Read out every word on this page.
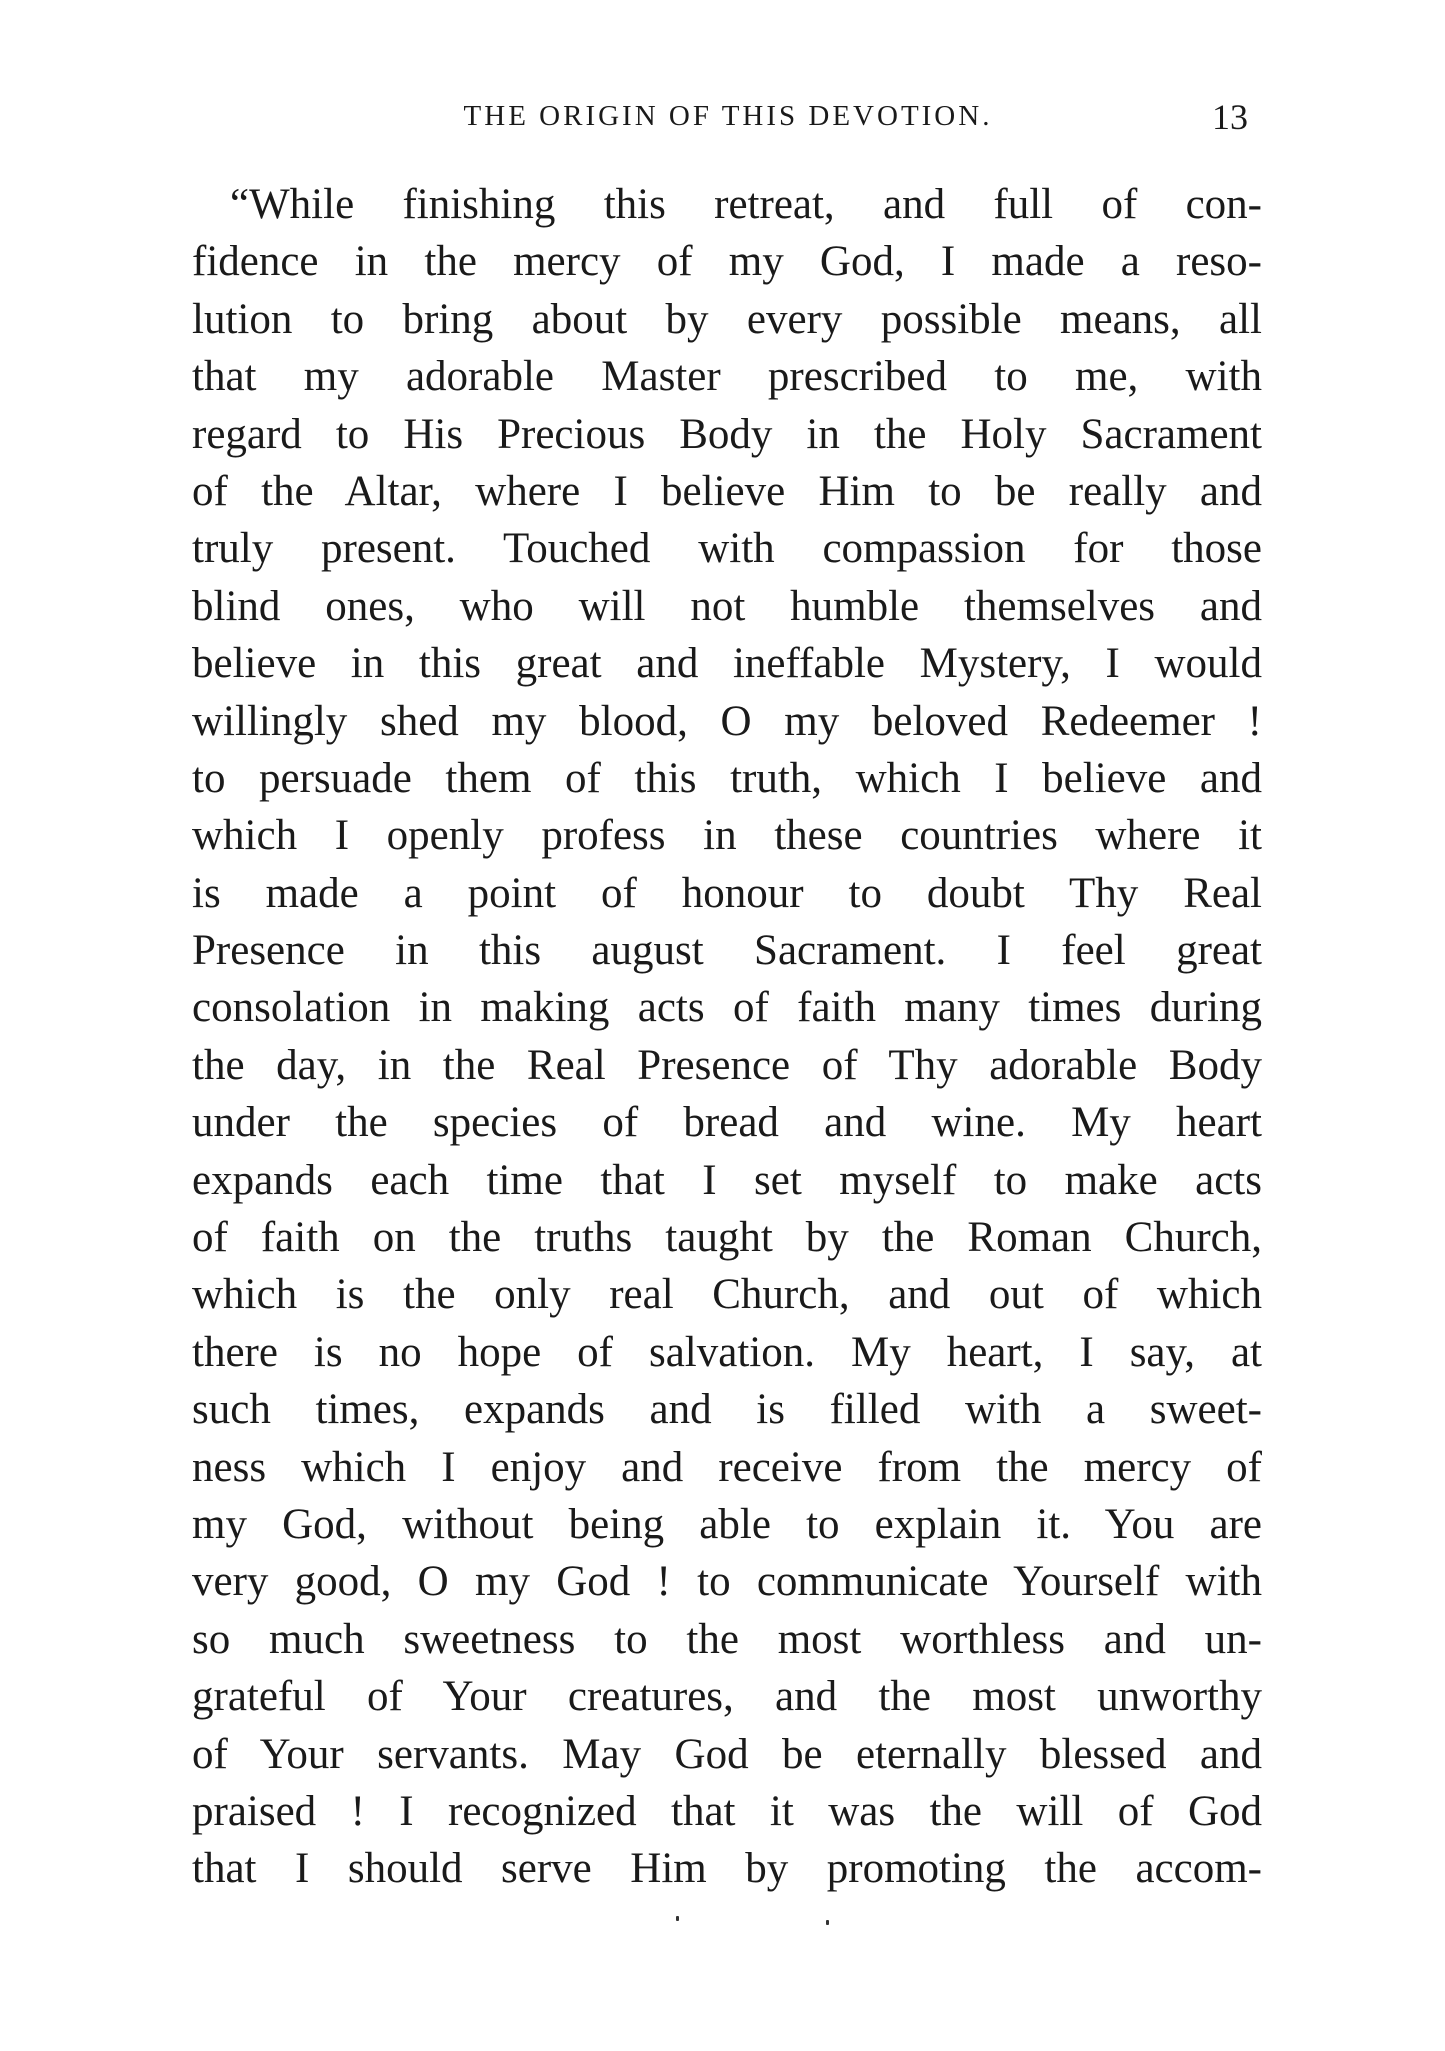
THE ORIGIN OF THIS DEVOTION.	13
“While finishing this retreat, and full of con-
fidence in the mercy of my God, I made a reso-
lution to bring about by every possible means, all
that my adorable Master prescribed to me, with
regard to His Precious Body in the Holy Sacrament
of the Altar, where I believe Him to be really and
truly present. Touched with compassion for those
blind ones, who will not humble themselves and
believe in this great and ineffable Mystery, I would
willingly shed my blood, O my beloved Redeemer !
to persuade them of this truth, which I believe and
which I openly profess in these countries where it
is made a point of honour to doubt Thy Real
Presence in this august Sacrament. I feel great
consolation in making acts of faith many times during
the day, in the Real Presence of Thy adorable Body
under the species of bread and wine. My heart
expands each time that I set myself to make acts
of faith on the truths taught by the Roman Church,
which is the only real Church, and out of which
there is no hope of salvation. My heart, I say, at
such times, expands and is filled with a sweet-
ness which I enjoy and receive from the mercy of
my God, without being able to explain it. You are
very good, O my God ! to communicate Yourself with
so much sweetness to the most worthless and un-
grateful of Your creatures, and the most unworthy
of Your servants. May God be eternally blessed and
praised ! I recognized that it was the will of God
that I should serve Him by promoting the accom-
